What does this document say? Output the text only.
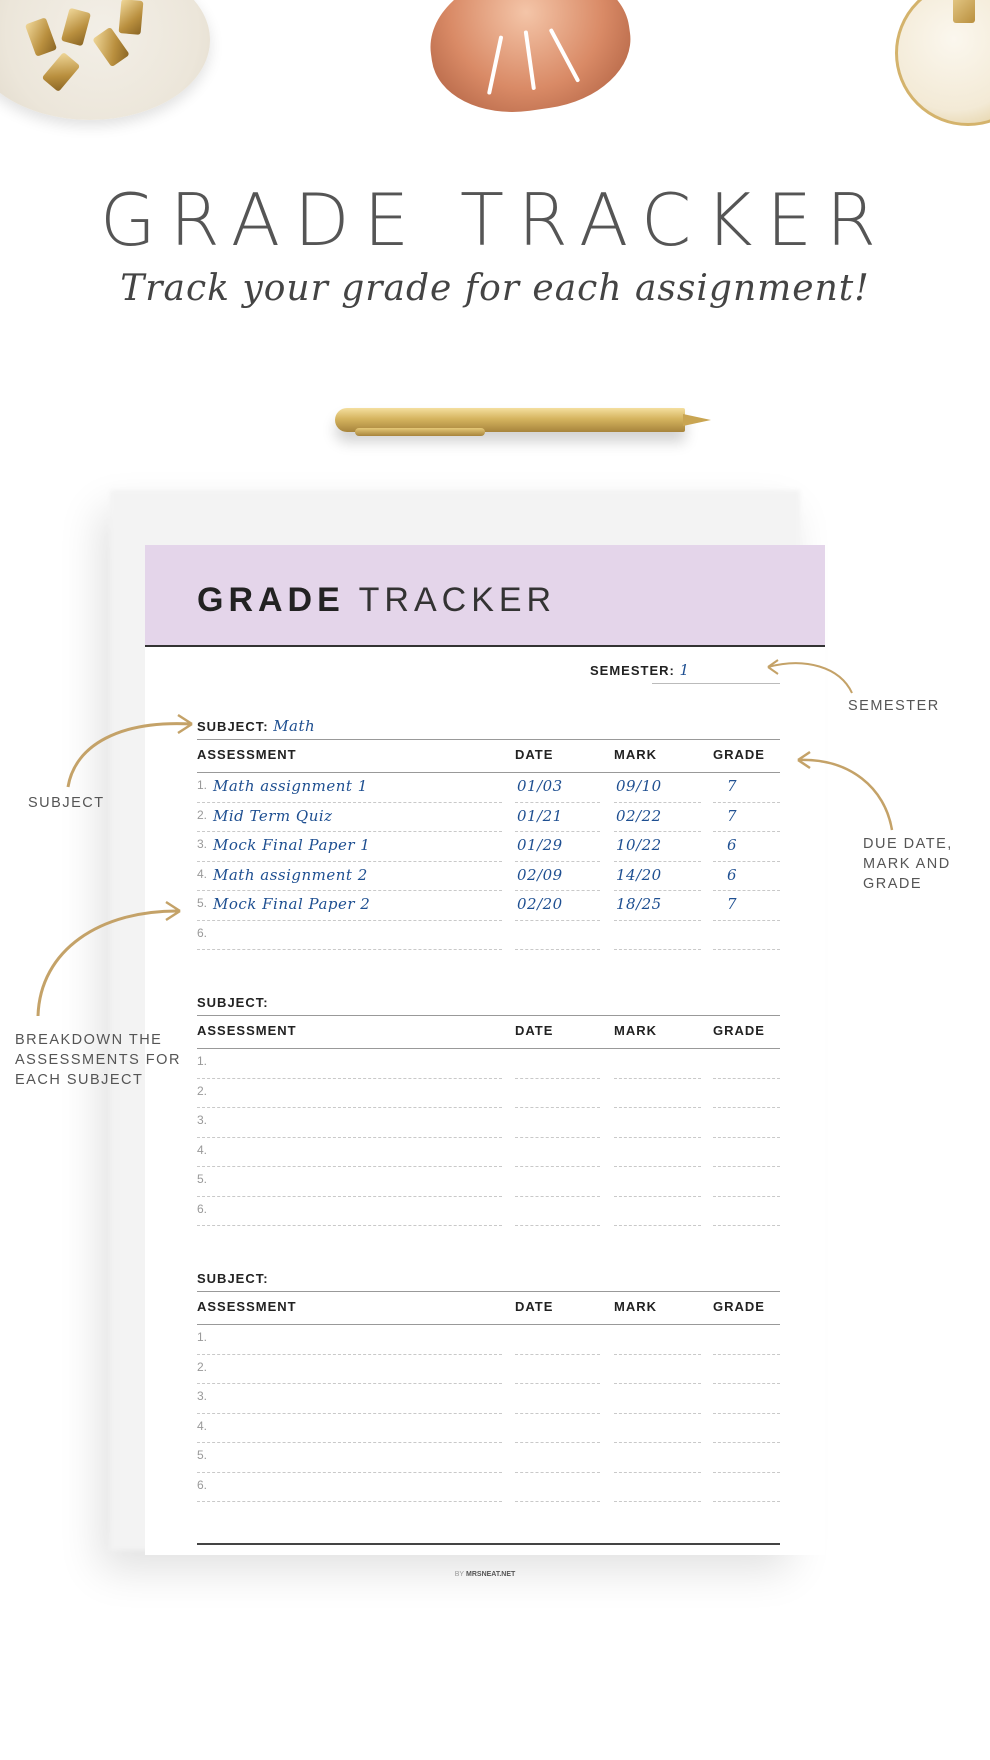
GRADE TRACKER
Track your grade for each assignment!
GRADE TRACKER
SEMESTER: 1
SUBJECT: Math
ASSESSMENT	DATE	MARK	GRADE
1. Math assignment 1	01/03	09/10	7
2. Mid Term Quiz	01/21	02/22	7
3. Mock Final Paper 1	01/29	10/22	6
4. Math assignment 2	02/09	14/20	6
5. Mock Final Paper 2	02/20	18/25	7
6.
SUBJECT:
ASSESSMENT	DATE	MARK	GRADE
1.
2.
3.
4.
5.
6.
SUBJECT:
ASSESSMENT	DATE	MARK	GRADE
1.
2.
3.
4.
5.
6.
BY MRSNEAT.NET
SEMESTER
SUBJECT
DUE DATE,
MARK AND
GRADE
BREAKDOWN THE
ASSESSMENTS FOR
EACH SUBJECT
